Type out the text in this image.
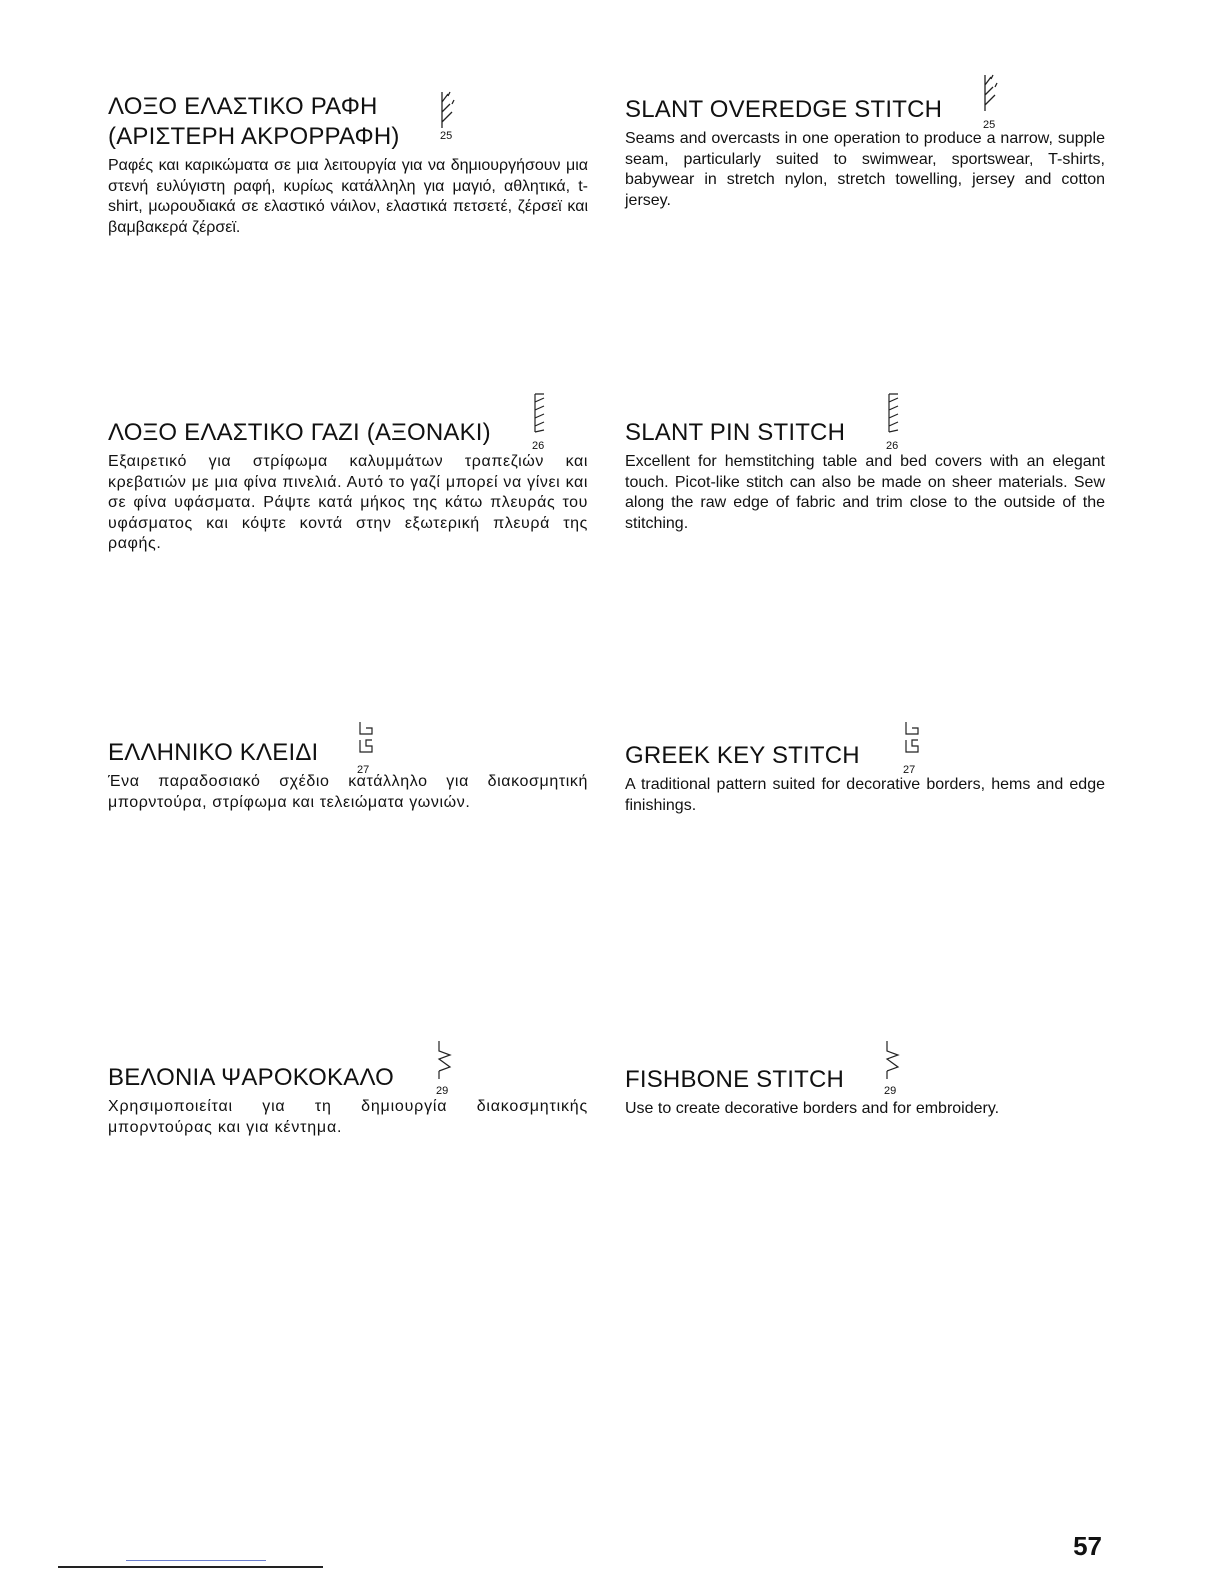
ΛΟΞΟ ΕΛΑΣΤΙΚΟ ΡΑΦΗ
(ΑΡΙΣΤΕΡΗ ΑΚΡΟΡΡΑΦΗ)	25

Ραφές και καρικώματα σε μια λειτουργία για να δημιουργήσουν μια στενή ευλύγιστη ραφή, κυρίως κατάλληλη για μαγιό, αθλητικά, t-shirt, μωρουδιακά σε ελαστικό νάιλον, ελαστικά πετσετέ, ζέρσεϊ και βαμβακερά ζέρσεϊ.

ΛΟΞΟ ΕΛΑΣΤΙΚΟ ΓΑΖΙ (ΑΞΟΝΑΚΙ)	26

Εξαιρετικό για στρίφωμα καλυμμάτων τραπεζιών και κρεβατιών με μια φίνα πινελιά. Αυτό το γαζί μπορεί να γίνει και σε φίνα υφάσματα. Ράψτε κατά μήκος της κάτω πλευράς του υφάσματος και κόψτε κοντά στην εξωτερική πλευρά της ραφής.

ΕΛΛΗΝΙΚΟ ΚΛΕΙΔΙ
27

Ένα παραδοσιακό σχέδιο κατάλληλο για διακοσμητική μπορντούρα, στρίφωμα και τελειώματα γωνιών.

ΒΕΛΟΝΙΑ ΨΑΡΟΚΟΚΑΛΟ	29

Χρησιμοποιείται για τη δημιουργία διακοσμητικής μπορντούρας και για κέντημα.

SLANT OVEREDGE STITCH
25

Seams and overcasts in one operation to produce a narrow, supple seam, particularly suited to swimwear, sportswear, T-shirts, babywear in stretch nylon, stretch towelling, jersey and cotton jersey.

SLANT PIN STITCH	26

Excellent for hemstitching table and bed covers with an elegant touch. Picot-like stitch can also be made on sheer materials. Sew along the raw edge of fabric and trim close to the outside of the stitching.

GREEK KEY STITCH
27

A traditional pattern suited for decorative borders, hems and edge finishings.

FISHBONE STITCH	29

Use to create decorative borders and for embroidery.

57
